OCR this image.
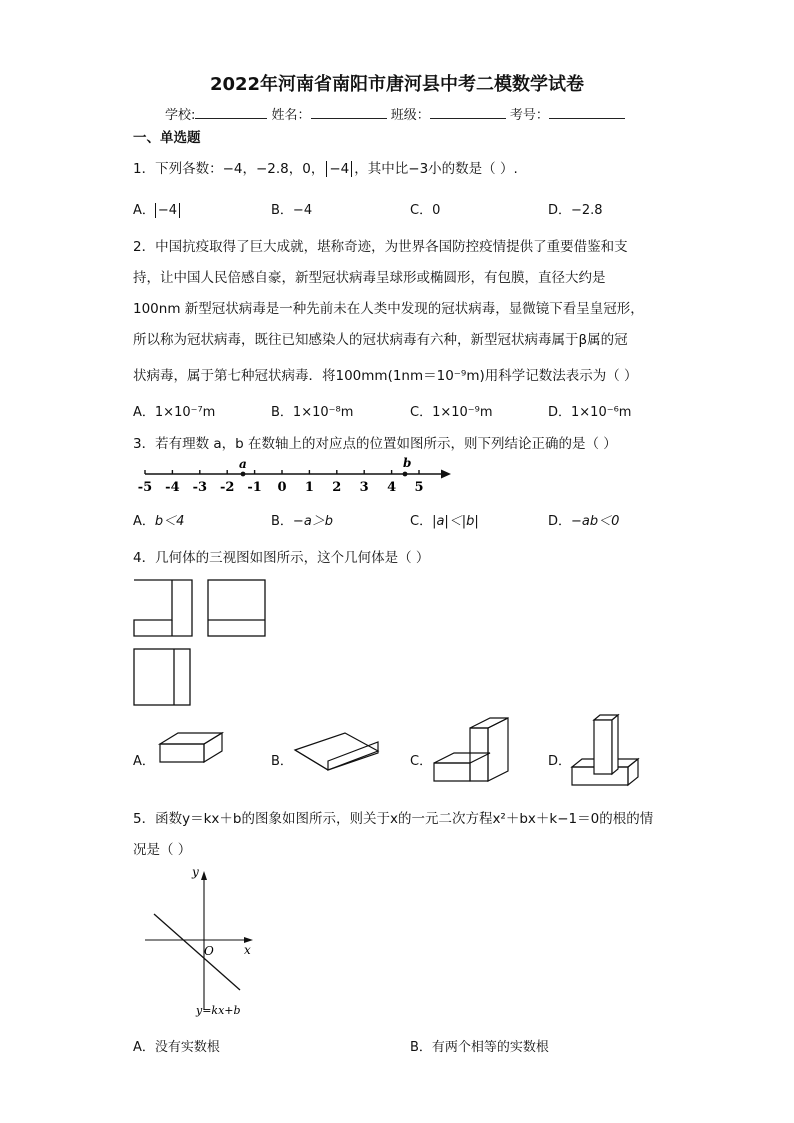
2022年河南省南阳市唐河县中考二模数学试卷
学校:	姓名：	班级：	考号：
一、单选题
1．下列各数：−4，−2.8，0， −4 ，其中比−3小的数是（ ）.
A． −4	B．−4	C．0	D．−2.8
2．中国抗疫取得了巨大成就，堪称奇迹，为世界各国防控疫情提供了重要借鉴和支
持，让中国人民倍感自豪，新型冠状病毒呈球形或椭圆形，有包膜，直径大约是
100nm 新型冠状病毒是一种先前未在人类中发现的冠状病毒，显微镜下看呈皇冠形，
所以称为冠状病毒，既往已知感染人的冠状病毒有六种，新型冠状病毒属于β属的冠
状病毒，属于第七种冠状病毒．将100mm(1nm＝10⁻⁹m)用科学记数法表示为（ ）
A．1×10⁻⁷m	B．1×10⁻⁸m	C．1×10⁻⁹m	D．1×10⁻⁶m
3．若有理数 a，b 在数轴上的对应点的位置如图所示，则下列结论正确的是（ ）
-5 -4 -3 -2 -1 0 1 2 3 4 5
a	b
A．b＜4	B．−a＞b	C．|a|＜|b|	D．−ab＜0
4．几何体的三视图如图所示，这个几何体是（ ）
A．	B．	C．	D．
5．函数y＝kx＋b的图象如图所示，则关于x的一元二次方程x²＋bx＋k−1＝0的根的情
况是（ ）
y
x
O
y=kx+b
A．没有实数根	B．有两个相等的实数根
